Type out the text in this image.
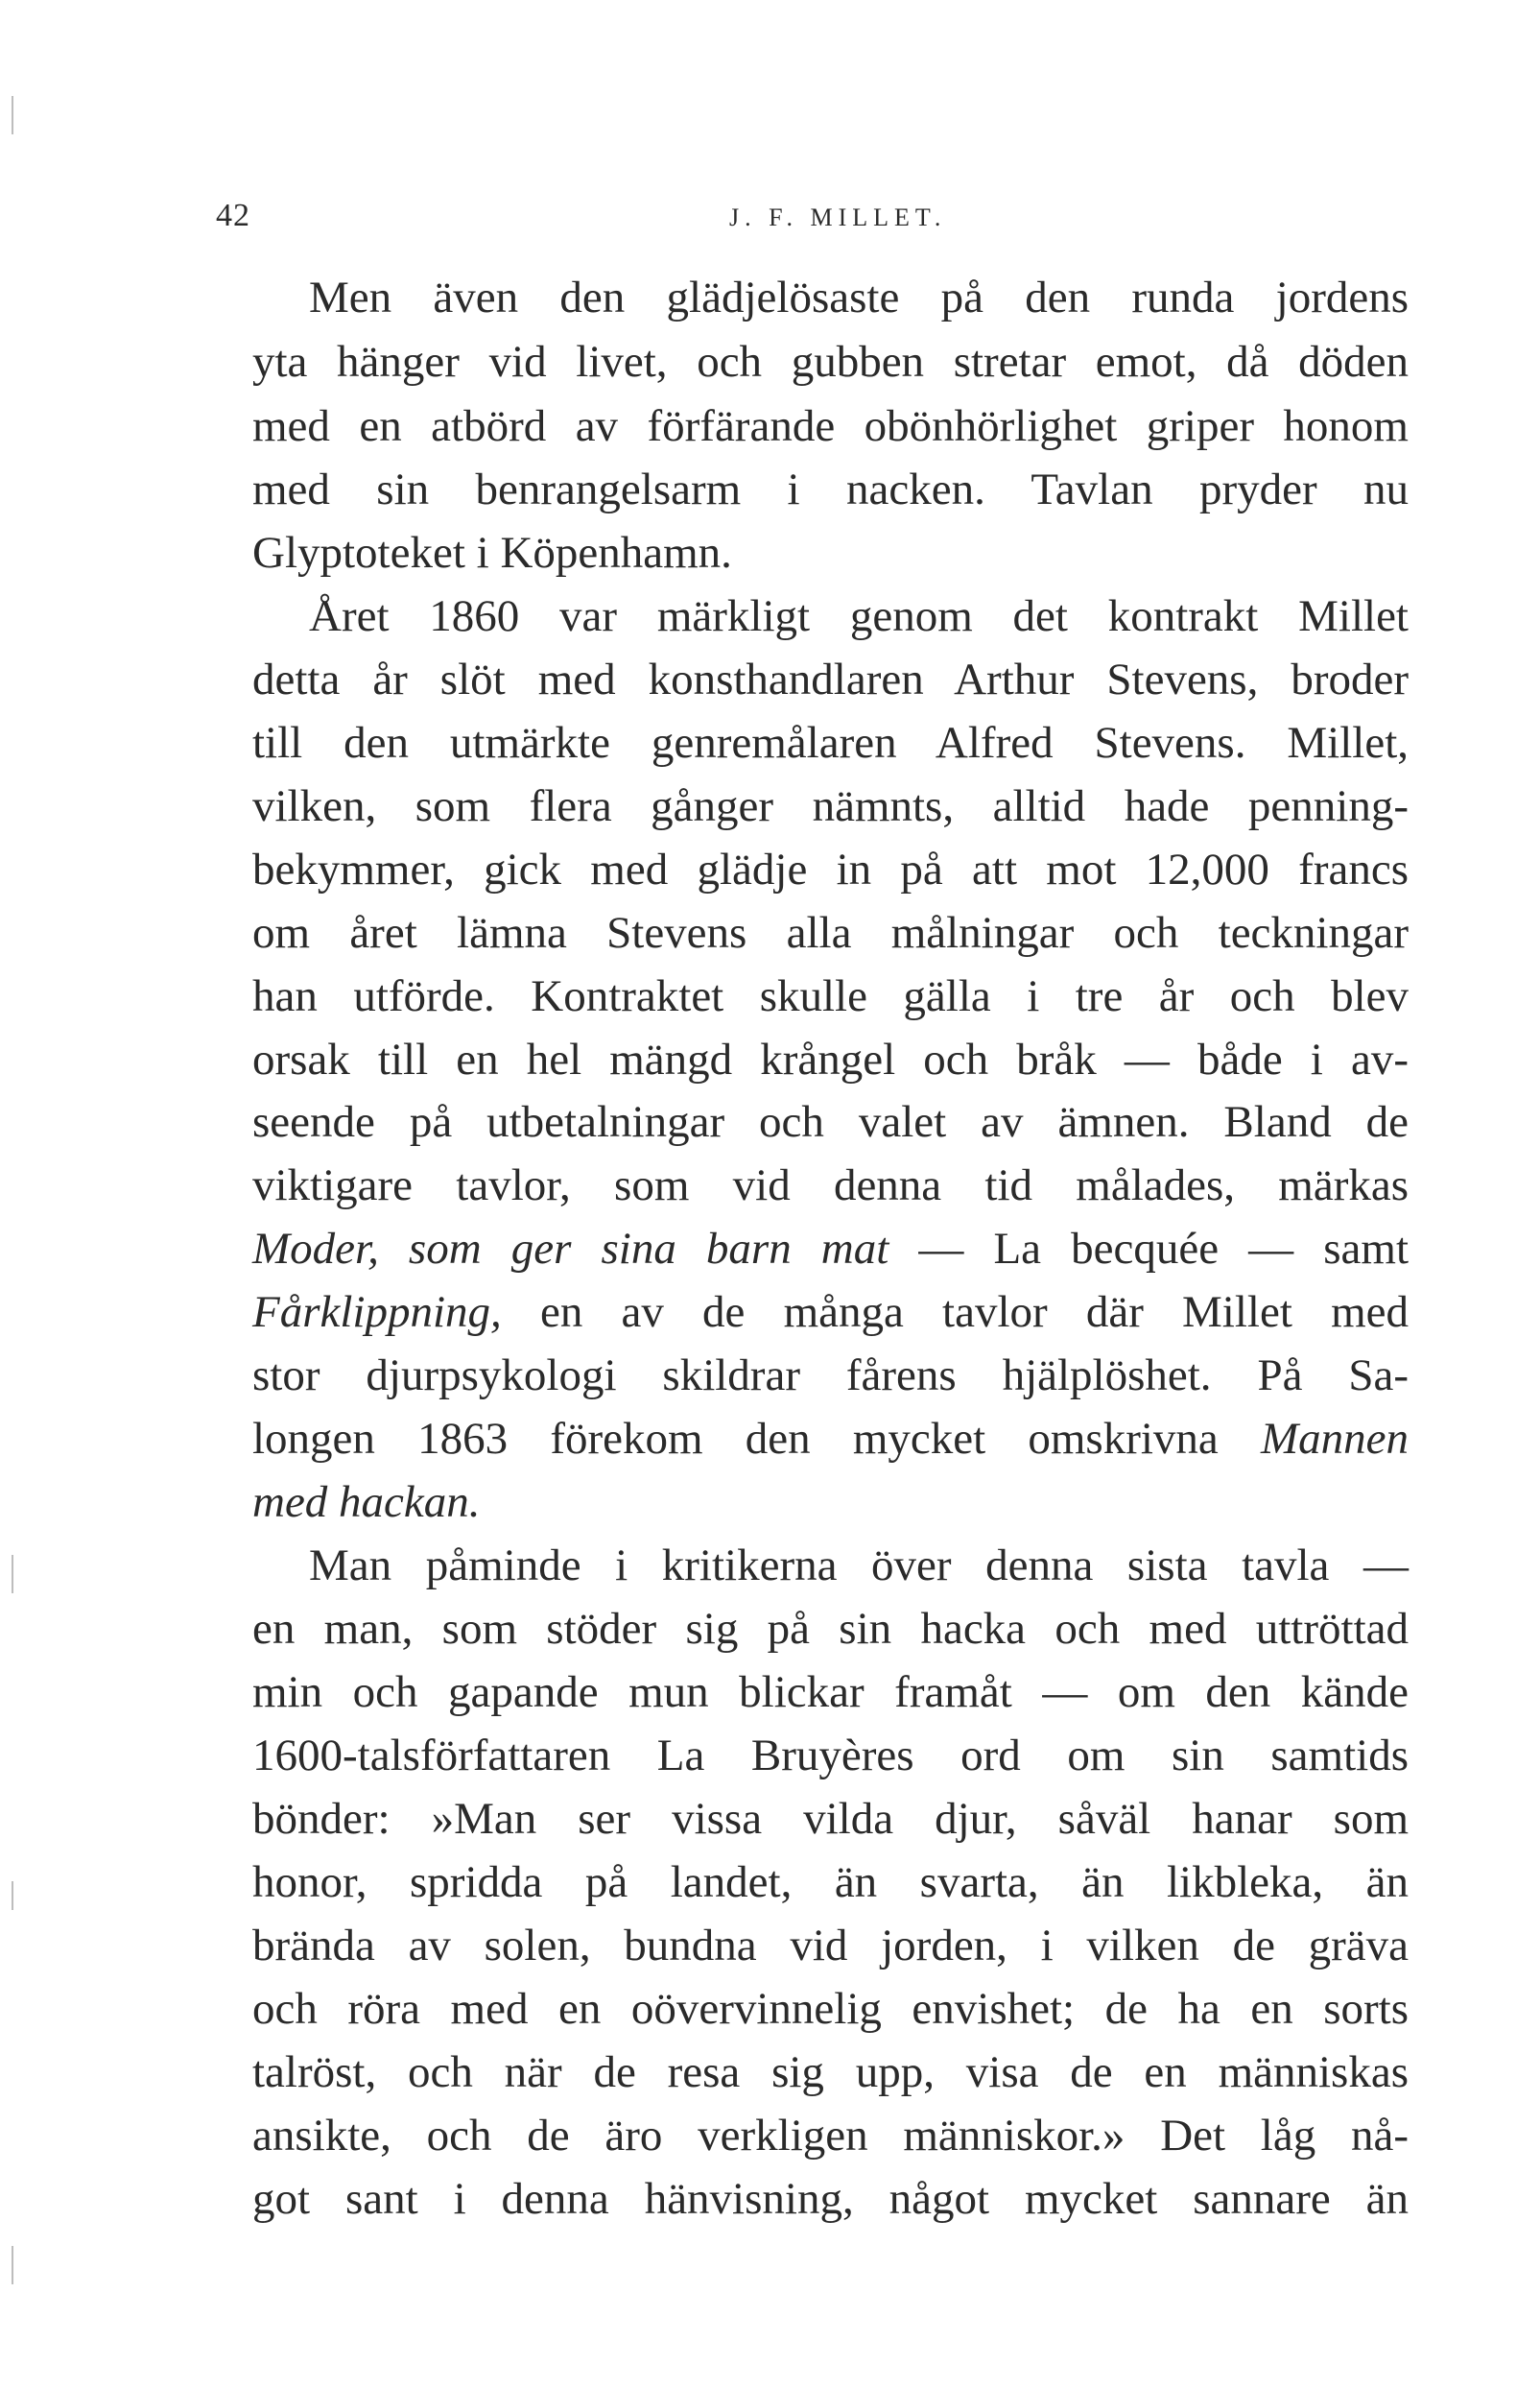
42	J. F. MILLET.
Men även den glädjelösaste på den runda jordens
yta hänger vid livet, och gubben stretar emot, då döden
med en atbörd av förfärande obönhörlighet griper honom
med sin benrangelsarm i nacken. Tavlan pryder nu
Glyptoteket i Köpenhamn.
Året 1860 var märkligt genom det kontrakt Millet
detta år slöt med konsthandlaren Arthur Stevens, broder
till den utmärkte genremålaren Alfred Stevens. Millet,
vilken, som flera gånger nämnts, alltid hade penning-
bekymmer, gick med glädje in på att mot 12,000 francs
om året lämna Stevens alla målningar och teckningar
han utförde. Kontraktet skulle gälla i tre år och blev
orsak till en hel mängd krångel och bråk — både i av-
seende på utbetalningar och valet av ämnen. Bland de
viktigare tavlor, som vid denna tid målades, märkas
Moder, som ger sina barn mat — La becquée — samt
Fårklippning, en av de många tavlor där Millet med
stor djurpsykologi skildrar fårens hjälplöshet. På Sa-
longen 1863 förekom den mycket omskrivna Mannen
med hackan.
Man påminde i kritikerna över denna sista tavla —
en man, som stöder sig på sin hacka och med uttröttad
min och gapande mun blickar framåt — om den kände
1600-talsförfattaren La Bruyères ord om sin samtids
bönder: »Man ser vissa vilda djur, såväl hanar som
honor, spridda på landet, än svarta, än likbleka, än
brända av solen, bundna vid jorden, i vilken de gräva
och röra med en oövervinnelig envishet; de ha en sorts
talröst, och när de resa sig upp, visa de en människas
ansikte, och de äro verkligen människor.» Det låg nå-
got sant i denna hänvisning, något mycket sannare än
